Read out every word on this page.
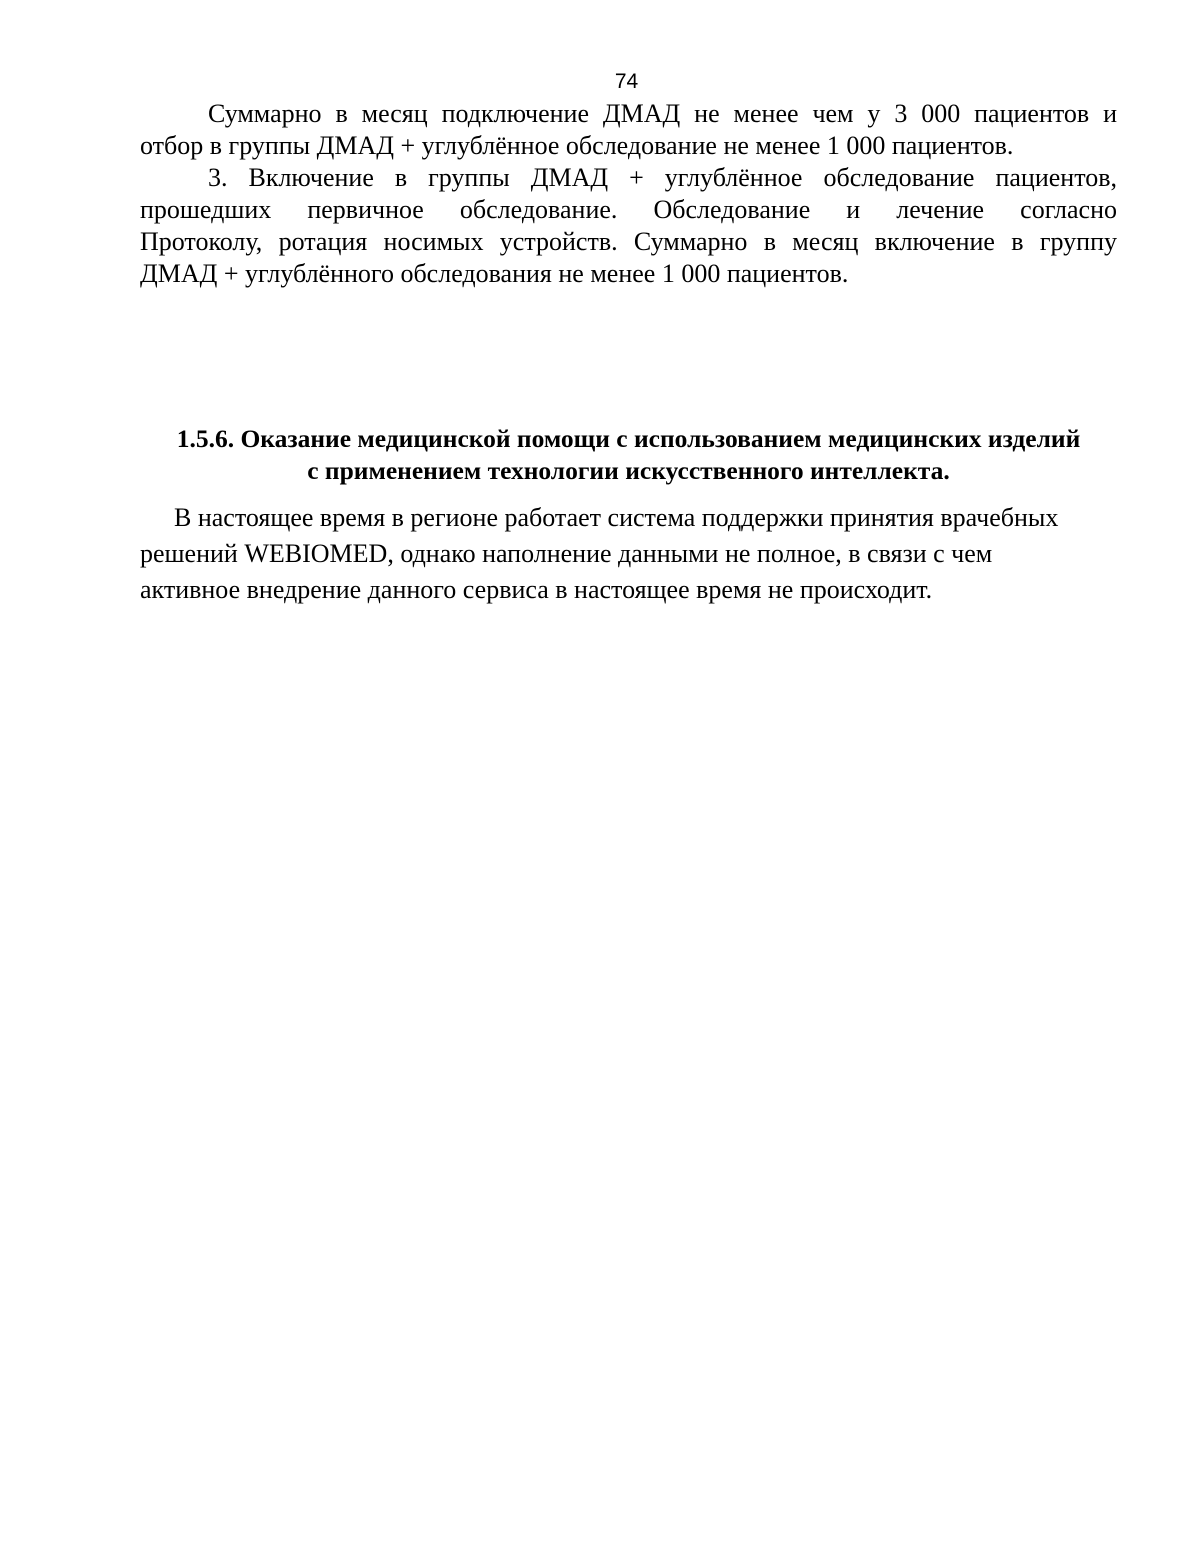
74
Суммарно в месяц подключение ДМАД не менее чем у 3 000 пациентов и
отбор в группы ДМАД + углублённое обследование не менее 1 000 пациентов.
3. Включение в группы ДМАД + углублённое обследование пациентов,
прошедших первичное обследование. Обследование и лечение согласно
Протоколу, ротация носимых устройств. Суммарно в месяц включение в группу
ДМАД + углублённого обследования не менее 1 000 пациентов.
1.5.6. Оказание медицинской помощи с использованием медицинских изделий
с применением технологии искусственного интеллекта.
В настоящее время в регионе работает система поддержки принятия врачебных
решений WEBIOMED, однако наполнение данными не полное, в связи с чем
активное внедрение данного сервиса в настоящее время не происходит.
